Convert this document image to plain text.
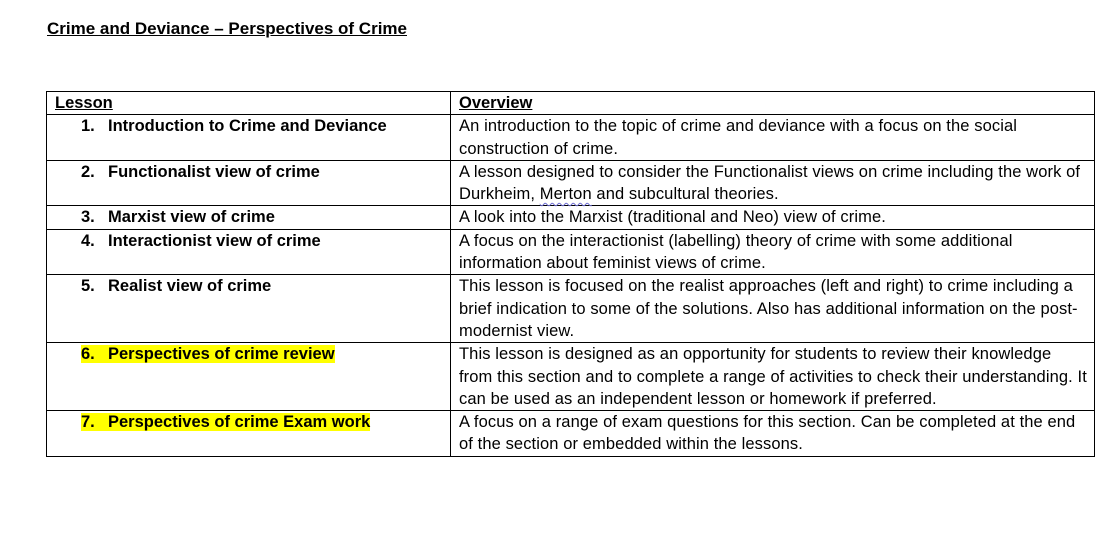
Crime and Deviance – Perspectives of Crime
Lesson	Overview
1. Introduction to Crime and Deviance	An introduction to the topic of crime and deviance with a focus on the social construction of crime.
2. Functionalist view of crime	A lesson designed to consider the Functionalist views on crime including the work of Durkheim, Merton and subcultural theories.
3. Marxist view of crime	A look into the Marxist (traditional and Neo) view of crime.
4. Interactionist view of crime	A focus on the interactionist (labelling) theory of crime with some additional information about feminist views of crime.
5. Realist view of crime	This lesson is focused on the realist approaches (left and right) to crime including a brief indication to some of the solutions. Also has additional information on the post-modernist view.
6. Perspectives of crime review	This lesson is designed as an opportunity for students to review their knowledge from this section and to complete a range of activities to check their understanding. It can be used as an independent lesson or homework if preferred.
7. Perspectives of crime Exam work	A focus on a range of exam questions for this section. Can be completed at the end of the section or embedded within the lessons.
